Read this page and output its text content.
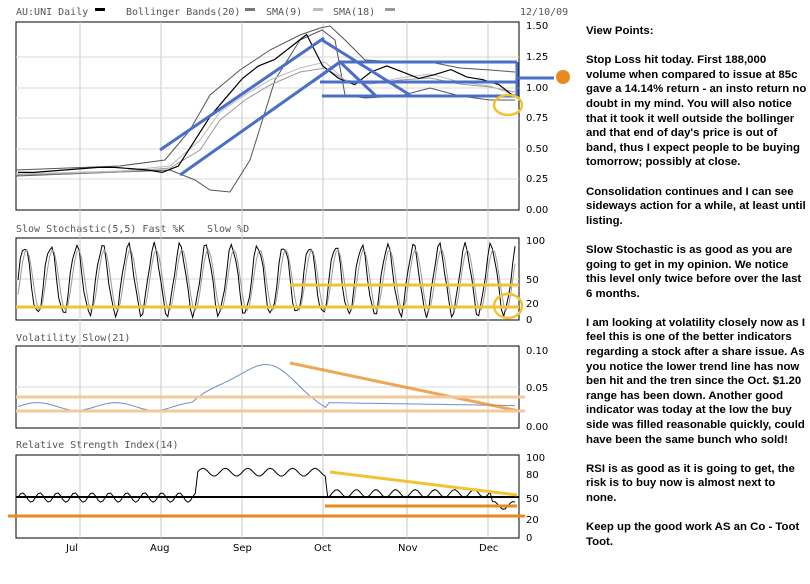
AU:UNI Daily	Bollinger Bands(20)	SMA(9)	SMA(18)	12/10/09
Slow Stochastic(5,5) Fast %K Slow %D
Volatility Slow(21)
Relative Strength Index(14)
1.50
1.25
1.00
0.75
0.50
0.25
0.00
100
50
20
0
0.10
0.05
0.00
100
80
50
20
0
Jul	Aug	Sep	Oct	Nov	Dec

View Points:

Stop Loss hit today. First 188,000 volume when compared to issue at 85c gave a 14.14% return - an insto return no doubt in my mind. You will also notice that it took it well outside the bollinger and that end of day's price is out of band, thus I expect people to be buying tomorrow; possibly at close.

Consolidation continues and I can see sideways action for a while, at least until listing.

Slow Stochastic is as good as you are going to get in my opinion. We notice this level only twice before over the last 6 months.

I am looking at volatility closely now as I feel this is one of the better indicators regarding a stock after a share issue. As you notice the lower trend line has now ben hit and the tren since the Oct. $1.20 range has been down. Another good indicator was today at the low the buy side was filled reasonable quickly, could have been the same bunch who sold!

RSI is as good as it is going to get, the risk is to buy now is almost next to none.

Keep up the good work AS an Co - Toot Toot.
